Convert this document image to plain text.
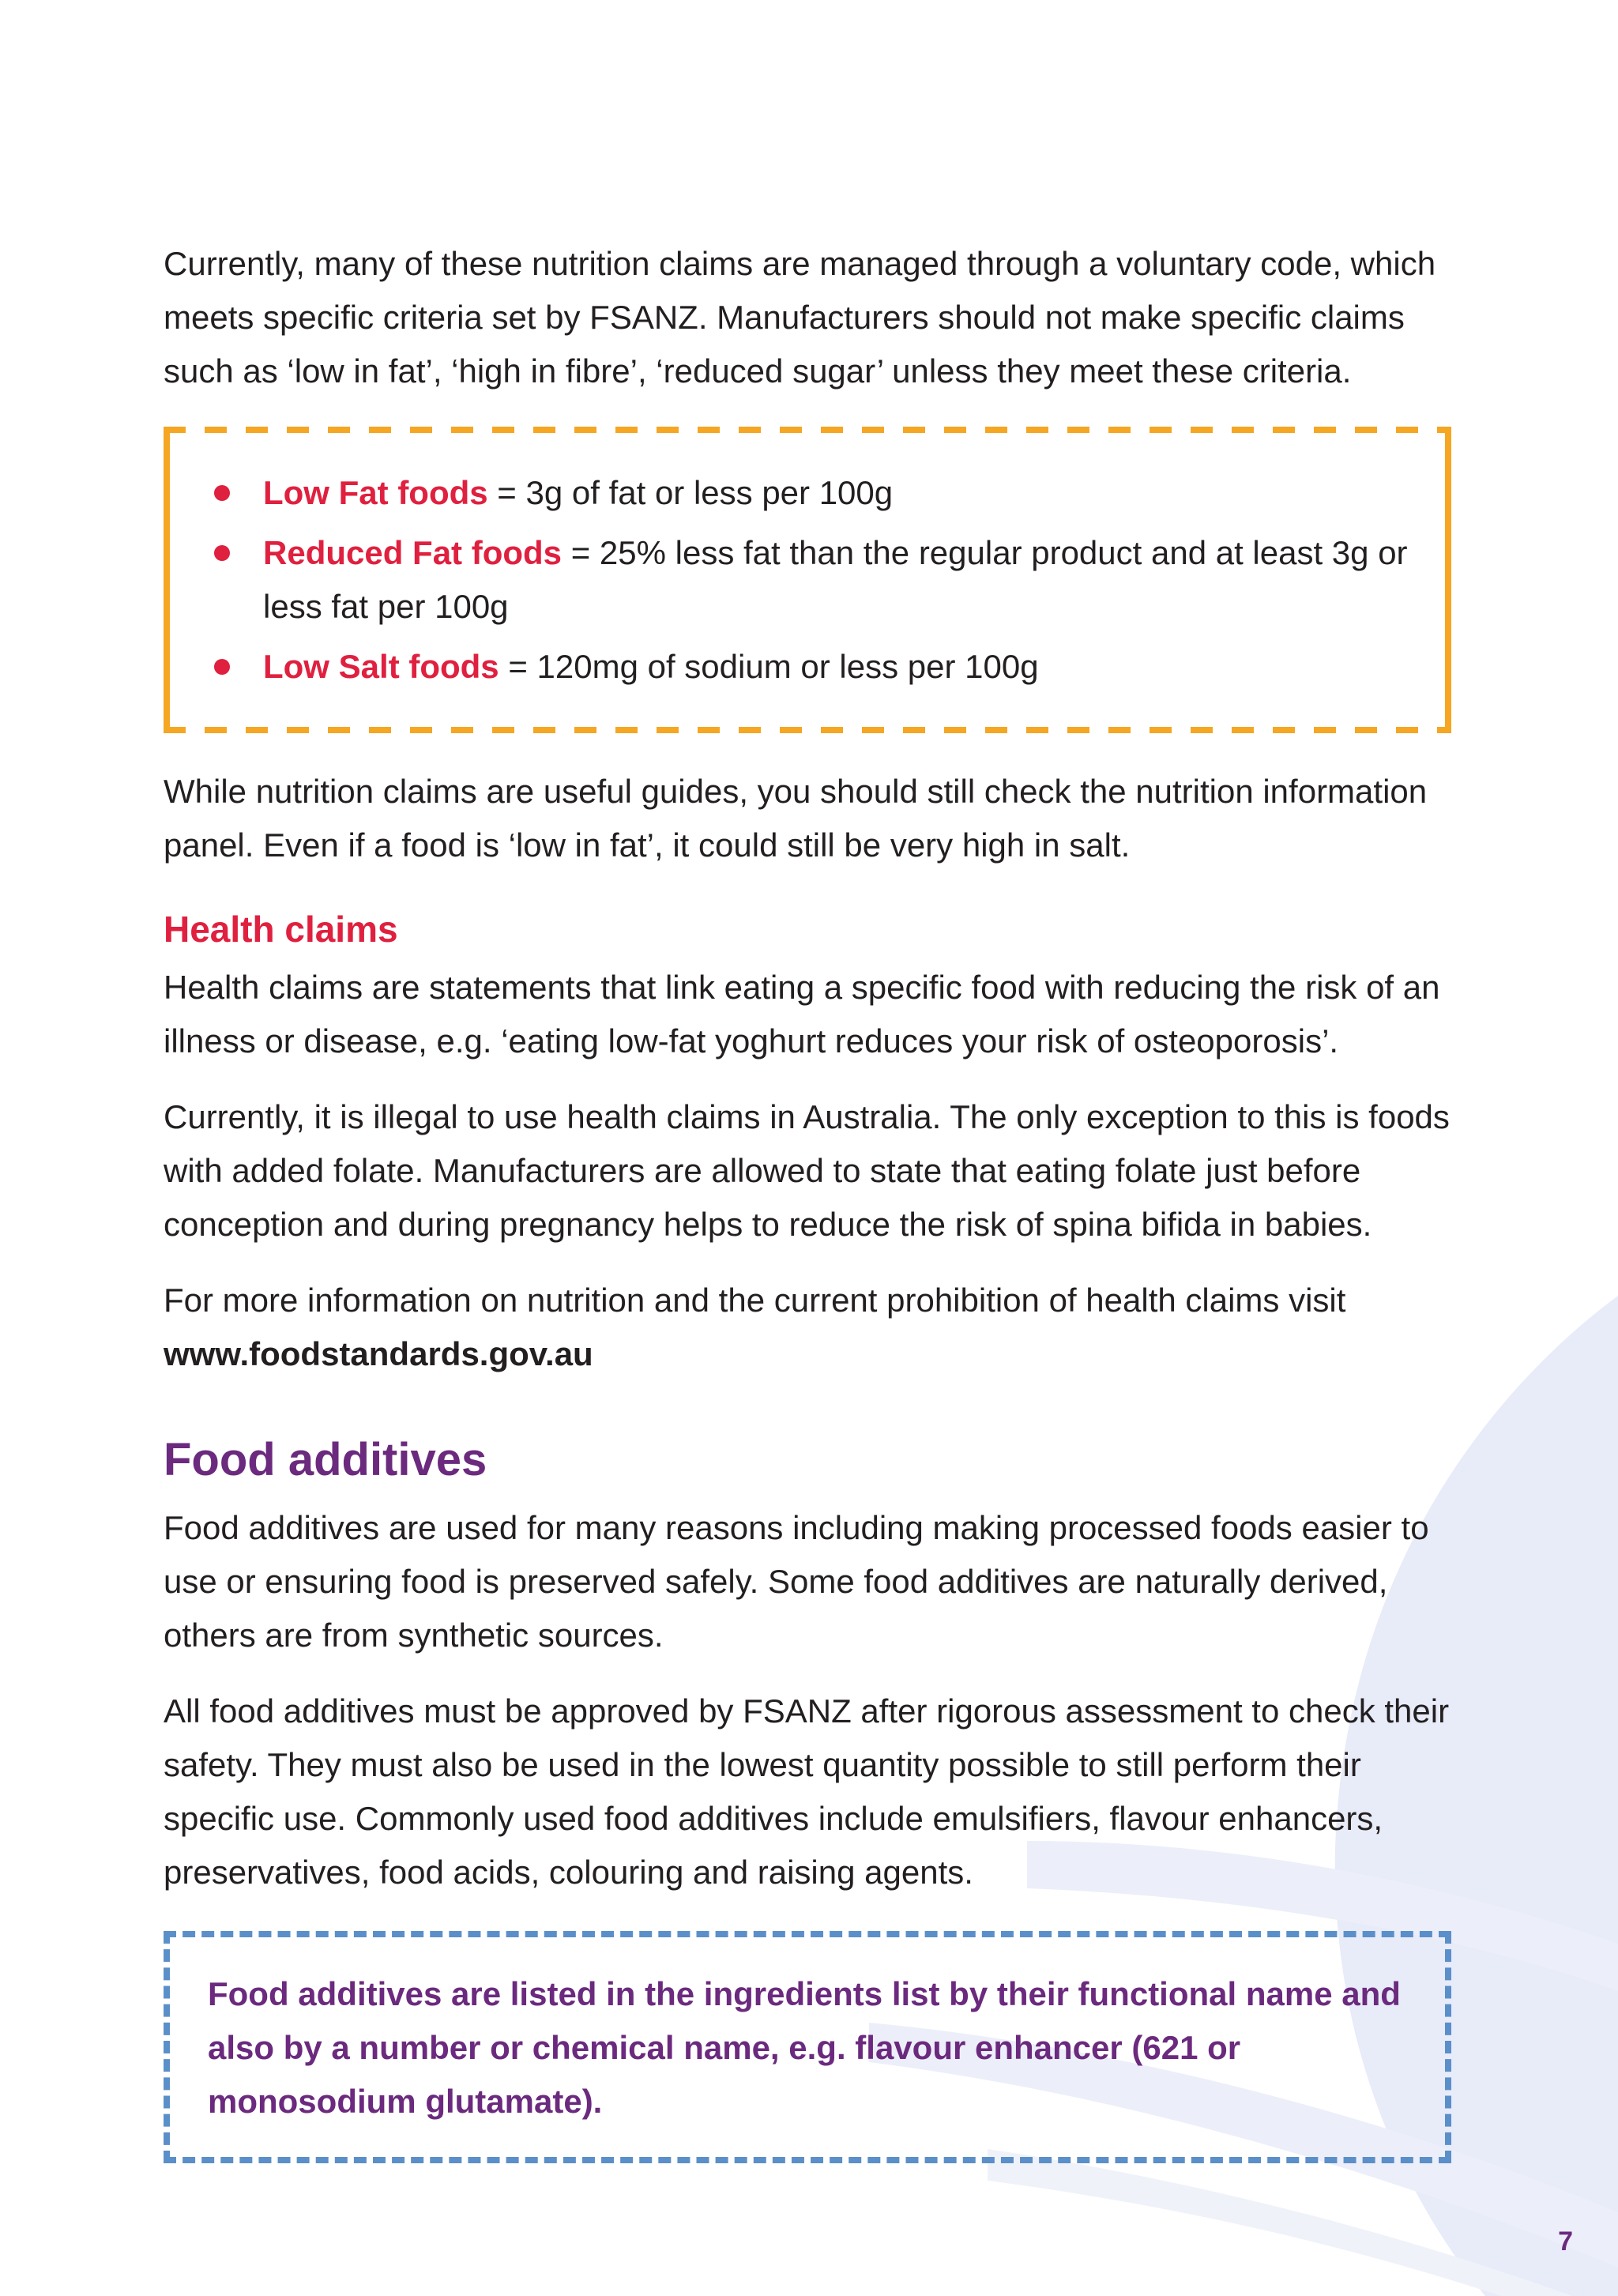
Currently, many of these nutrition claims are managed through a voluntary code, which meets specific criteria set by FSANZ. Manufacturers should not make specific claims such as ‘low in fat’, ‘high in fibre’, ‘reduced sugar’ unless they meet these criteria.

Low Fat foods = 3g of fat or less per 100g
Reduced Fat foods = 25% less fat than the regular product and at least 3g or less fat per 100g
Low Salt foods = 120mg of sodium or less per 100g

While nutrition claims are useful guides, you should still check the nutrition information panel. Even if a food is ‘low in fat’, it could still be very high in salt.

Health claims

Health claims are statements that link eating a specific food with reducing the risk of an illness or disease, e.g. ‘eating low-fat yoghurt reduces your risk of osteoporosis’.

Currently, it is illegal to use health claims in Australia. The only exception to this is foods with added folate. Manufacturers are allowed to state that eating folate just before conception and during pregnancy helps to reduce the risk of spina bifida in babies.

For more information on nutrition and the current prohibition of health claims visit
www.foodstandards.gov.au

Food additives

Food additives are used for many reasons including making processed foods easier to use or ensuring food is preserved safely. Some food additives are naturally derived, others are from synthetic sources.

All food additives must be approved by FSANZ after rigorous assessment to check their safety. They must also be used in the lowest quantity possible to still perform their specific use. Commonly used food additives include emulsifiers, flavour enhancers, preservatives, food acids, colouring and raising agents.

Food additives are listed in the ingredients list by their functional name and also by a number or chemical name, e.g. flavour enhancer (621 or monosodium glutamate).

7
